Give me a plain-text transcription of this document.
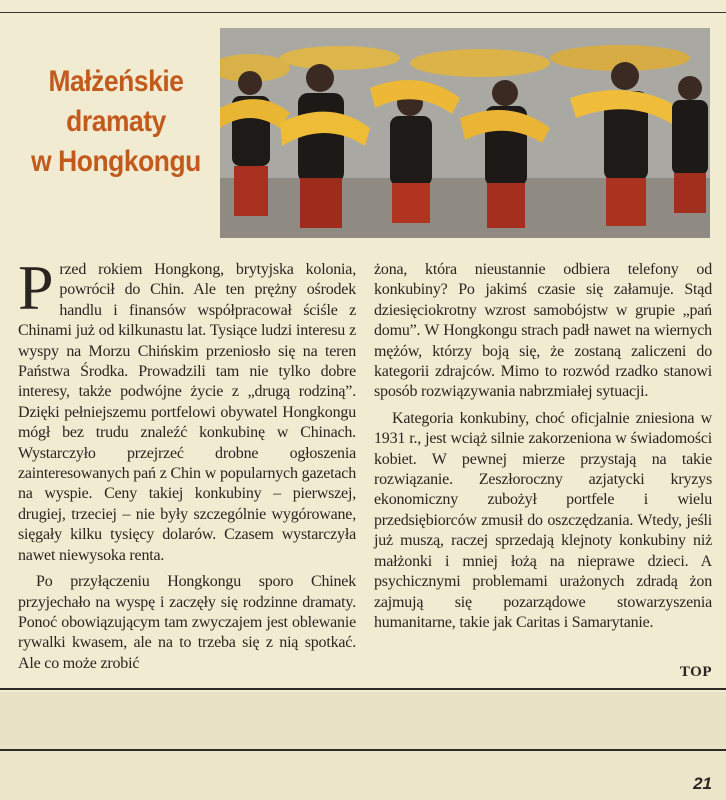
Małżeńskie
dramaty
w Hongkongu

Przed rokiem Hongkong, brytyjska kolonia, powrócił do Chin. Ale ten prężny ośrodek handlu i finansów współpracował ściśle z Chinami już od kilkunastu lat. Tysiące ludzi interesu z wyspy na Morzu Chińskim przeniosło się na teren Państwa Środka. Prowadzili tam nie tylko dobre interesy, także podwójne życie z „drugą rodziną”. Dzięki pełniejszemu portfelowi obywatel Hongkongu mógł bez trudu znaleźć konkubinę w Chinach. Wystarczyło przejrzeć drobne ogłoszenia zainteresowanych pań z Chin w popularnych gazetach na wyspie. Ceny takiej konkubiny – pierwszej, drugiej, trzeciej – nie były szczególnie wygórowane, sięgały kilku tysięcy dolarów. Czasem wystarczyła nawet niewysoka renta.

Po przyłączeniu Hongkongu sporo Chinek przyjechało na wyspę i zaczęły się rodzinne dramaty. Ponoć obowiązującym tam zwyczajem jest oblewanie rywalki kwasem, ale na to trzeba się z nią spotkać. Ale co może zrobić

żona, która nieustannie odbiera telefony od konkubiny? Po jakimś czasie się załamuje. Stąd dziesięciokrotny wzrost samobójstw w grupie „pań domu”. W Hongkongu strach padł nawet na wiernych mężów, którzy boją się, że zostaną zaliczeni do kategorii zdrajców. Mimo to rozwód rzadko stanowi sposób rozwiązywania nabrzmiałej sytuacji.

Kategoria konkubiny, choć oficjalnie zniesiona w 1931 r., jest wciąż silnie zakorzeniona w świadomości kobiet. W pewnej mierze przystają na takie rozwiązanie. Zeszłoroczny azjatycki kryzys ekonomiczny zubożył portfele i wielu przedsiębiorców zmusił do oszczędzania. Wtedy, jeśli już muszą, raczej sprzedają klejnoty konkubiny niż małżonki i mniej łożą na nieprawe dzieci. A psychicznymi problemami urażonych zdradą żon zajmują się pozarządowe stowarzyszenia humanitarne, takie jak Caritas i Samarytanie.

TOP
21
